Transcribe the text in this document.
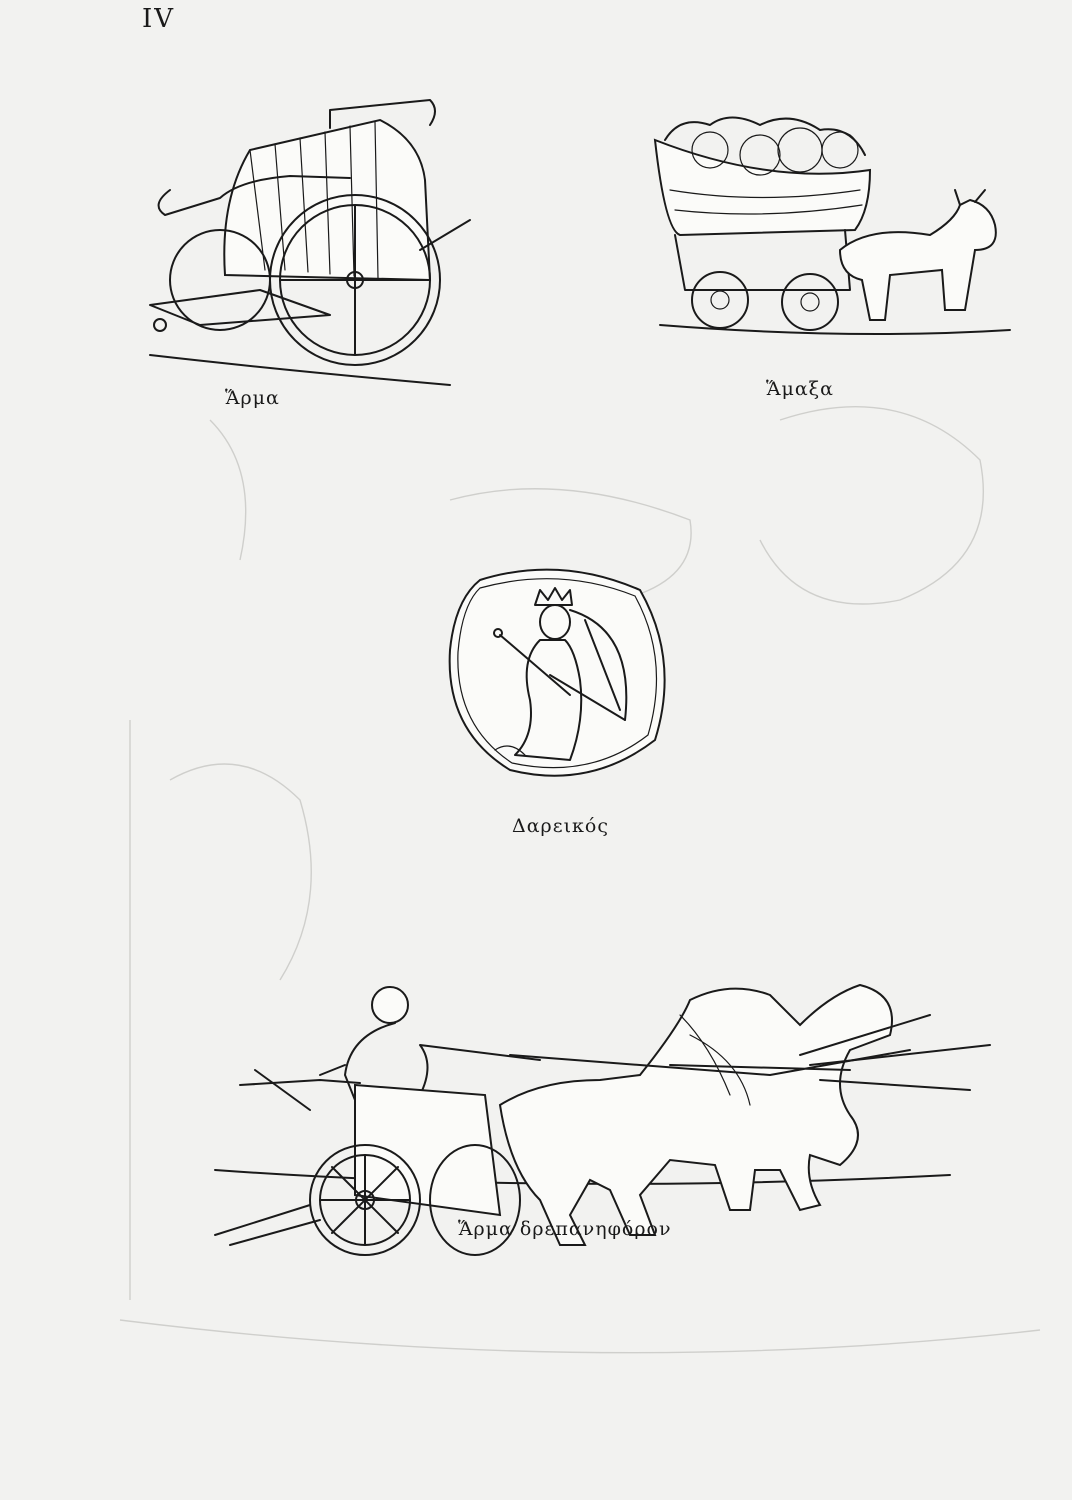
IV
Ἅρμα	Ἅμαξα
Δαρεικός
Ἅρμα δρεπανηφόρον
